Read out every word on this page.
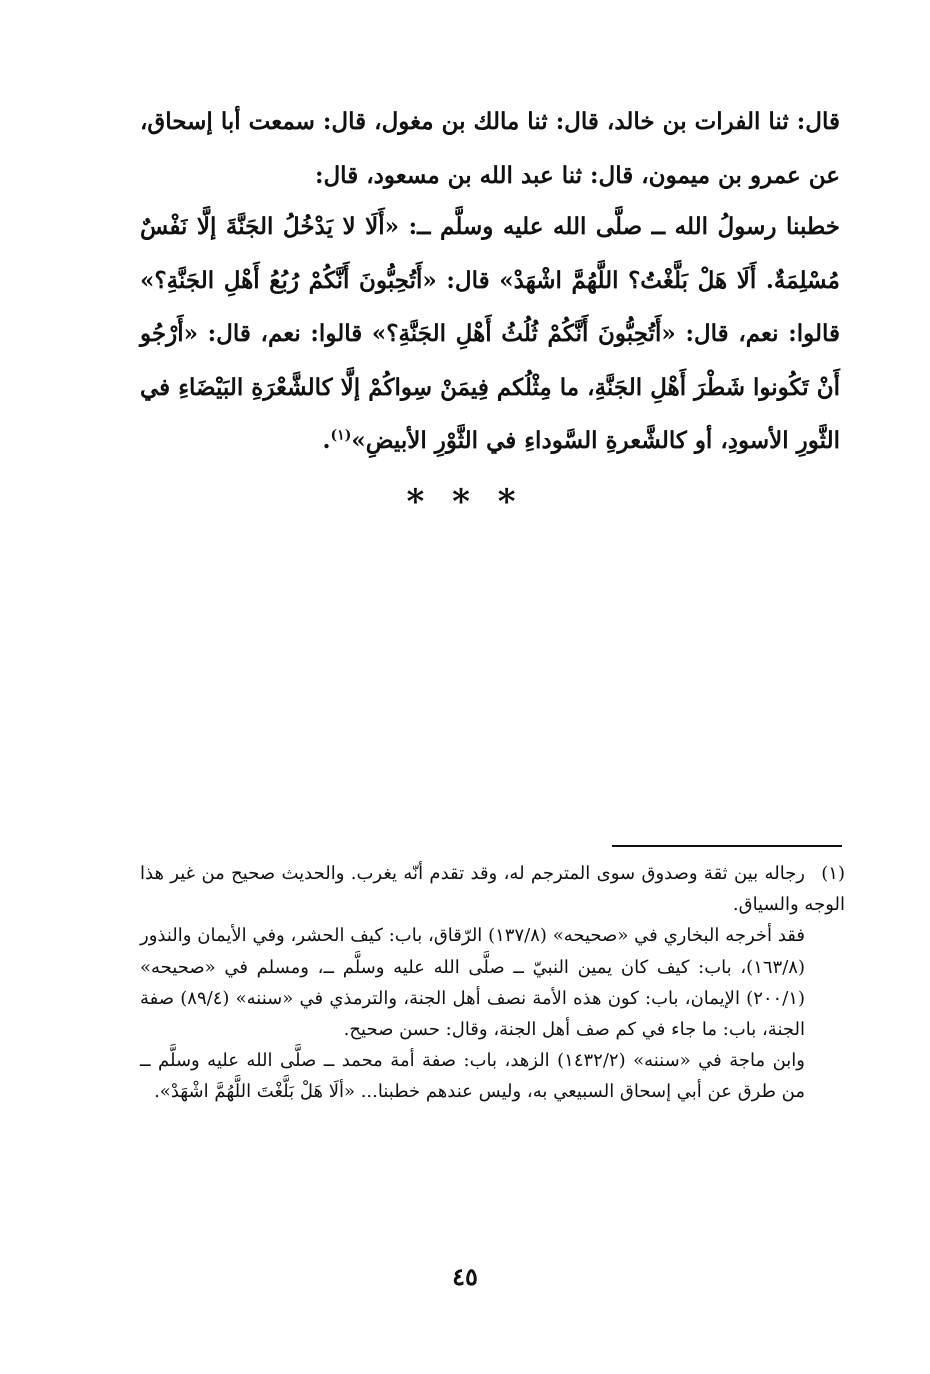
قال: ثنا الفرات بن خالد، قال: ثنا مالك بن مغول، قال: سمعت أبا إسحاق، عن عمرو بن ميمون، قال: ثنا عبد الله بن مسعود، قال:

خطبنا رسولُ الله ــ صلَّى الله عليه وسلَّم ــ: «أَلَا لا يَدْخُلُ الجَنَّةَ إلَّا نَفْسٌ مُسْلِمَةٌ. أَلَا هَلْ بَلَّغْتُ؟ اللَّهُمَّ اشْهَدْ» قال: «أَتُحِبُّونَ أَنَّكُمْ رُبُعُ أَهْلِ الجَنَّةِ؟» قالوا: نعم، قال: «أَتُحِبُّونَ أَنَّكُمْ ثُلُثُ أَهْلِ الجَنَّةِ؟» قالوا: نعم، قال: «أَرْجُو أَنْ تَكُونوا شَطْرَ أَهْلِ الجَنَّةِ، ما مِثْلُكم فِيمَنْ سِواكُمْ إلَّا كالشَّعْرَةِ البَيْضَاءِ في الثَّورِ الأسودِ، أو كالشَّعرةِ السَّوداءِ في الثَّوْرِ الأبيضِ»$^{(١)}$.

* * *

(١)رجاله بين ثقة وصدوق سوى المترجم له، وقد تقدم أنّه يغرب. والحديث صحيح من غير هذا الوجه والسياق.

فقد أخرجه البخاري في «صحيحه» (١٣٧/٨) الرّقاق، باب: كيف الحشر، وفي الأيمان والنذور (١٦٣/٨)، باب: كيف كان يمين النبيّ ــ صلَّى الله عليه وسلَّم ــ، ومسلم في «صحيحه» (٢٠٠/١) الإيمان، باب: كون هذه الأمة نصف أهل الجنة، والترمذي في «سننه» (٨٩/٤) صفة الجنة، باب: ما جاء في كم صف أهل الجنة، وقال: حسن صحيح.

وابن ماجة في «سننه» (١٤٣٢/٢) الزهد، باب: صفة أمة محمد ــ صلَّى الله عليه وسلَّم ــ من طرق عن أبي إسحاق السبيعي به، وليس عندهم خطبنا... «ألَا هَلْ بَلَّغْتَ اللَّهُمَّ اشْهَدْ».

٤٥
